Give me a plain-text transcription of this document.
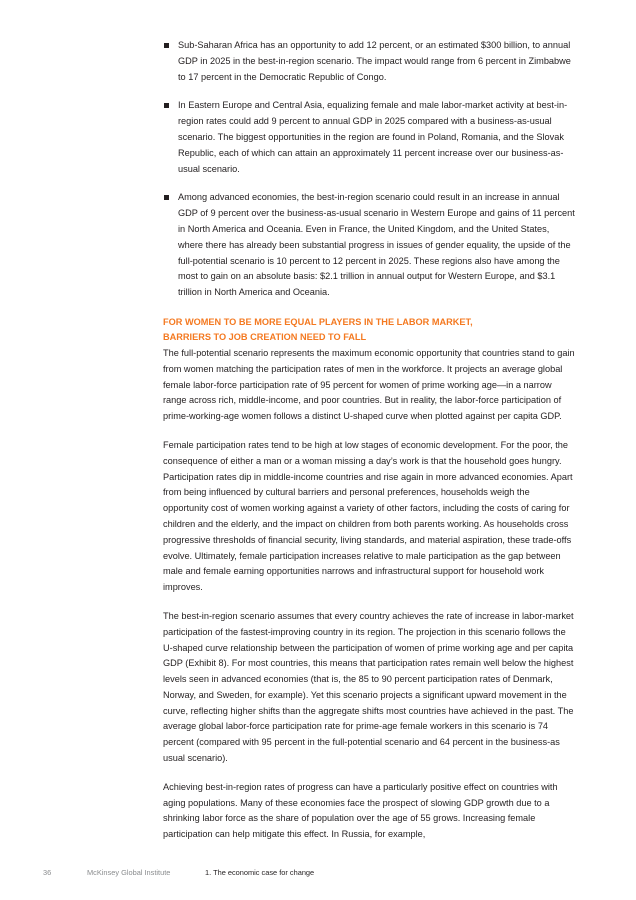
Sub-Saharan Africa has an opportunity to add 12 percent, or an estimated $300 billion, to annual GDP in 2025 in the best-in-region scenario. The impact would range from 6 percent in Zimbabwe to 17 percent in the Democratic Republic of Congo.
In Eastern Europe and Central Asia, equalizing female and male labor-market activity at best-in-region rates could add 9 percent to annual GDP in 2025 compared with a business-as-usual scenario. The biggest opportunities in the region are found in Poland, Romania, and the Slovak Republic, each of which can attain an approximately 11 percent increase over our business-as-usual scenario.
Among advanced economies, the best-in-region scenario could result in an increase in annual GDP of 9 percent over the business-as-usual scenario in Western Europe and gains of 11 percent in North America and Oceania. Even in France, the United Kingdom, and the United States, where there has already been substantial progress in issues of gender equality, the upside of the full-potential scenario is 10 percent to 12 percent in 2025. These regions also have among the most to gain on an absolute basis: $2.1 trillion in annual output for Western Europe, and $3.1 trillion in North America and Oceania.
FOR WOMEN TO BE MORE EQUAL PLAYERS IN THE LABOR MARKET,
BARRIERS TO JOB CREATION NEED TO FALL

The full-potential scenario represents the maximum economic opportunity that countries stand to gain from women matching the participation rates of men in the workforce. It projects an average global female labor-force participation rate of 95 percent for women of prime working age—in a narrow range across rich, middle-income, and poor countries. But in reality, the labor-force participation of prime-working-age women follows a distinct U-shaped curve when plotted against per capita GDP.

Female participation rates tend to be high at low stages of economic development. For the poor, the consequence of either a man or a woman missing a day’s work is that the household goes hungry. Participation rates dip in middle-income countries and rise again in more advanced economies. Apart from being influenced by cultural barriers and personal preferences, households weigh the opportunity cost of women working against a variety of other factors, including the costs of caring for children and the elderly, and the impact on children from both parents working. As households cross progressive thresholds of financial security, living standards, and material aspiration, these trade-offs evolve. Ultimately, female participation increases relative to male participation as the gap between male and female earning opportunities narrows and infrastructural support for household work improves.

The best-in-region scenario assumes that every country achieves the rate of increase in labor-market participation of the fastest-improving country in its region. The projection in this scenario follows the U-shaped curve relationship between the participation of women of prime working age and per capita GDP (Exhibit 8). For most countries, this means that participation rates remain well below the highest levels seen in advanced economies (that is, the 85 to 90 percent participation rates of Denmark, Norway, and Sweden, for example). Yet this scenario projects a significant upward movement in the curve, reflecting higher shifts than the aggregate shifts most countries have achieved in the past. The average global labor-force participation rate for prime-age female workers in this scenario is 74 percent (compared with 95 percent in the full-potential scenario and 64 percent in the business-as usual scenario).

Achieving best-in-region rates of progress can have a particularly positive effect on countries with aging populations. Many of these economies face the prospect of slowing GDP growth due to a shrinking labor force as the share of population over the age of 55 grows. Increasing female participation can help mitigate this effect. In Russia, for example,

36	McKinsey Global Institute	1. The economic case for change
